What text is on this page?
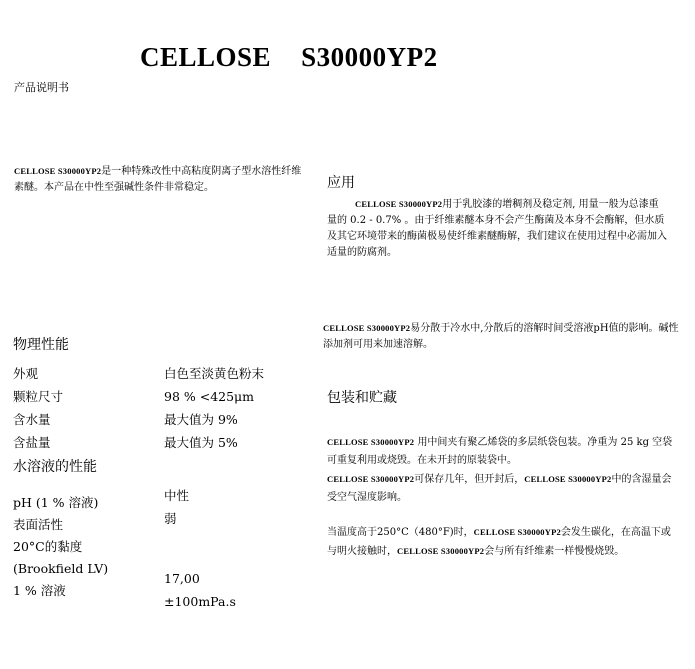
CELLOSE S30000YP2
产品说明书
CELLOSE S30000YP2是一种特殊改性中高粘度阴离子型水溶性纤维素醚。本产品在中性至强碱性条件非常稳定。	应用
CELLOSE S30000YP2用于乳胶漆的增稠剂及稳定剂, 用量一般为总漆重量的 0.2 - 0.7% 。由于纤维素醚本身不会产生酶菌及本身不会酶解，但水质及其它环境带来的酶菌极易使纤维素醚酶解，我们建议在使用过程中必需加入适量的防腐剂。
CELLOSE S30000YP2易分散于冷水中,分散后的溶解时间受溶液pH值的影响。碱性添加剂可用来加速溶解。
物理性能
外观
颗粒尺寸
含水量
含盐量
白色至淡黄色粉末
98 % <425μm
最大值为 9%
最大值为 5%
水溶液的性能
pH (1 % 溶液)
表面活性
20°C的黏度
(Brookfield LV)
1 % 溶液
中性
弱
17,00
±100mPa.s
包装和贮藏
CELLOSE S30000YP2 用中间夹有聚乙烯袋的多层纸袋包装。净重为 25 kg 空袋可重复利用或烧毁。在未开封的原装袋中。
CELLOSE S30000YP2可保存几年，但开封后，CELLOSE S30000YP2中的含湿量会受空气湿度影响。
当温度高于250°C（480°F)时，CELLOSE S30000YP2会发生碳化，在高温下或与明火接触时，CELLOSE S30000YP2会与所有纤维素一样慢慢烧毁。
